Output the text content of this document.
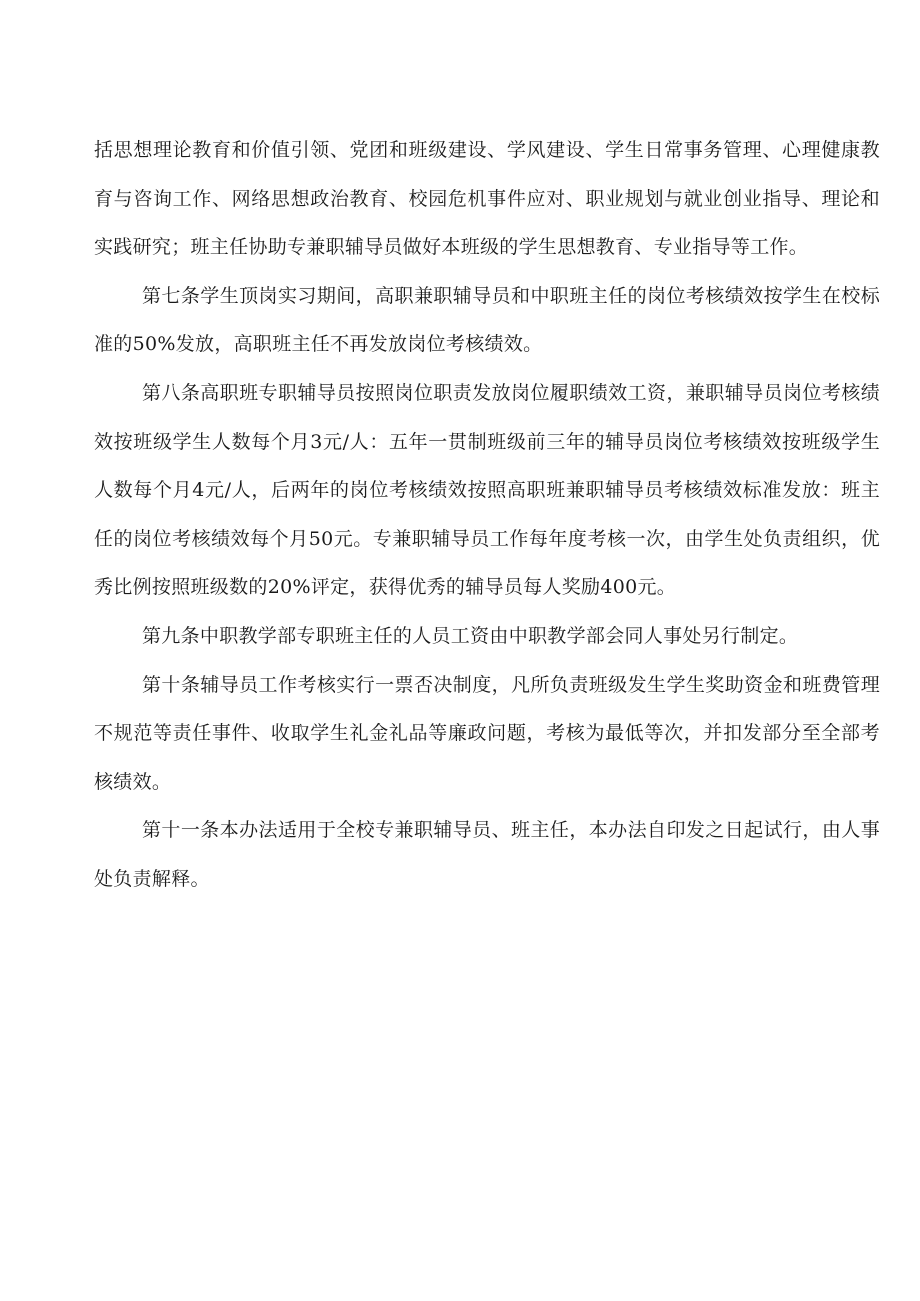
括思想理论教育和价值引领、党团和班级建设、学风建设、学生日常事务管理、心理健康教育与咨询工作、网络思想政治教育、校园危机事件应对、职业规划与就业创业指导、理论和实践研究；班主任协助专兼职辅导员做好本班级的学生思想教育、专业指导等工作。

第七条学生顶岗实习期间，高职兼职辅导员和中职班主任的岗位考核绩效按学生在校标准的50%发放，高职班主任不再发放岗位考核绩效。

第八条高职班专职辅导员按照岗位职责发放岗位履职绩效工资，兼职辅导员岗位考核绩效按班级学生人数每个月3元/人：五年一贯制班级前三年的辅导员岗位考核绩效按班级学生人数每个月4元/人，后两年的岗位考核绩效按照高职班兼职辅导员考核绩效标准发放：班主任的岗位考核绩效每个月50元。专兼职辅导员工作每年度考核一次，由学生处负责组织，优秀比例按照班级数的20%评定，获得优秀的辅导员每人奖励400元。

第九条中职教学部专职班主任的人员工资由中职教学部会同人事处另行制定。

第十条辅导员工作考核实行一票否决制度，凡所负责班级发生学生奖助资金和班费管理不规范等责任事件、收取学生礼金礼品等廉政问题，考核为最低等次，并扣发部分至全部考核绩效。

第十一条本办法适用于全校专兼职辅导员、班主任，本办法自印发之日起试行，由人事处负责解释。
